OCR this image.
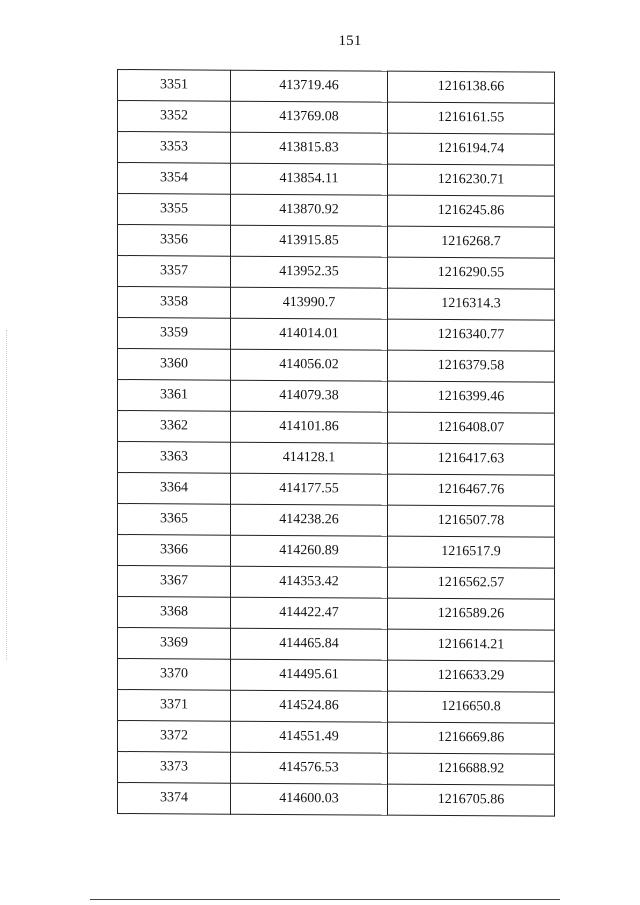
151
3351	413719.46	1216138.66
3352	413769.08	1216161.55
3353	413815.83	1216194.74
3354	413854.11	1216230.71
3355	413870.92	1216245.86
3356	413915.85	1216268.7
3357	413952.35	1216290.55
3358	413990.7	1216314.3
3359	414014.01	1216340.77
3360	414056.02	1216379.58
3361	414079.38	1216399.46
3362	414101.86	1216408.07
3363	414128.1	1216417.63
3364	414177.55	1216467.76
3365	414238.26	1216507.78
3366	414260.89	1216517.9
3367	414353.42	1216562.57
3368	414422.47	1216589.26
3369	414465.84	1216614.21
3370	414495.61	1216633.29
3371	414524.86	1216650.8
3372	414551.49	1216669.86
3373	414576.53	1216688.92
3374	414600.03	1216705.86
